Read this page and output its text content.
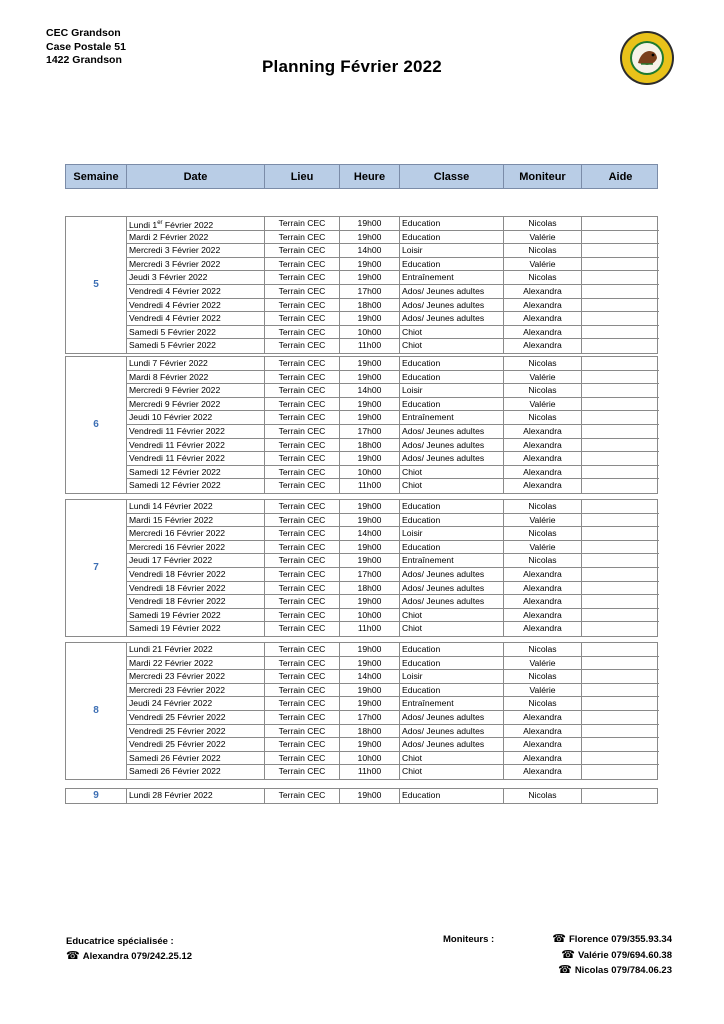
CEC Grandson
Case Postale 51
1422 Grandson	Planning Février 2022
Semaine	Date	Lieu	Heure	Classe	Moniteur	Aide
5
Lundi 1er Février 2022	Terrain CEC	19h00	Education	Nicolas
Mardi 2 Février 2022	Terrain CEC	19h00	Education	Valérie
Mercredi 3 Février 2022	Terrain CEC	14h00	Loisir	Nicolas
Mercredi 3 Février 2022	Terrain CEC	19h00	Education	Valérie
Jeudi 3 Février 2022	Terrain CEC	19h00	Entraînement	Nicolas
Vendredi 4 Février 2022	Terrain CEC	17h00	Ados/ Jeunes adultes	Alexandra
Vendredi 4 Février 2022	Terrain CEC	18h00	Ados/ Jeunes adultes	Alexandra
Vendredi 4 Février 2022	Terrain CEC	19h00	Ados/ Jeunes adultes	Alexandra
Samedi 5 Février 2022	Terrain CEC	10h00	Chiot	Alexandra
Samedi 5 Février 2022	Terrain CEC	11h00	Chiot	Alexandra
6
Lundi 7 Février 2022	Terrain CEC	19h00	Education	Nicolas
Mardi 8 Février 2022	Terrain CEC	19h00	Education	Valérie
Mercredi 9 Février 2022	Terrain CEC	14h00	Loisir	Nicolas
Mercredi 9 Février 2022	Terrain CEC	19h00	Education	Valérie
Jeudi 10 Février 2022	Terrain CEC	19h00	Entraînement	Nicolas
Vendredi 11 Février 2022	Terrain CEC	17h00	Ados/ Jeunes adultes	Alexandra
Vendredi 11 Février 2022	Terrain CEC	18h00	Ados/ Jeunes adultes	Alexandra
Vendredi 11 Février 2022	Terrain CEC	19h00	Ados/ Jeunes adultes	Alexandra
Samedi 12 Février 2022	Terrain CEC	10h00	Chiot	Alexandra
Samedi 12 Février 2022	Terrain CEC	11h00	Chiot	Alexandra
7
Lundi 14 Février 2022	Terrain CEC	19h00	Education	Nicolas
Mardi 15 Février 2022	Terrain CEC	19h00	Education	Valérie
Mercredi 16 Février 2022	Terrain CEC	14h00	Loisir	Nicolas
Mercredi 16 Février 2022	Terrain CEC	19h00	Education	Valérie
Jeudi 17 Février 2022	Terrain CEC	19h00	Entraînement	Nicolas
Vendredi 18 Février 2022	Terrain CEC	17h00	Ados/ Jeunes adultes	Alexandra
Vendredi 18 Février 2022	Terrain CEC	18h00	Ados/ Jeunes adultes	Alexandra
Vendredi 18 Février 2022	Terrain CEC	19h00	Ados/ Jeunes adultes	Alexandra
Samedi 19 Février 2022	Terrain CEC	10h00	Chiot	Alexandra
Samedi 19 Février 2022	Terrain CEC	11h00	Chiot	Alexandra
8
Lundi 21 Février 2022	Terrain CEC	19h00	Education	Nicolas
Mardi 22 Février 2022	Terrain CEC	19h00	Education	Valérie
Mercredi 23 Février 2022	Terrain CEC	14h00	Loisir	Nicolas
Mercredi 23 Février 2022	Terrain CEC	19h00	Education	Valérie
Jeudi 24 Février 2022	Terrain CEC	19h00	Entraînement	Nicolas
Vendredi 25 Février 2022	Terrain CEC	17h00	Ados/ Jeunes adultes	Alexandra
Vendredi 25 Février 2022	Terrain CEC	18h00	Ados/ Jeunes adultes	Alexandra
Vendredi 25 Février 2022	Terrain CEC	19h00	Ados/ Jeunes adultes	Alexandra
Samedi 26 Février 2022	Terrain CEC	10h00	Chiot	Alexandra
Samedi 26 Février 2022	Terrain CEC	11h00	Chiot	Alexandra
9	Lundi 28 Février 2022	Terrain CEC	19h00	Education	Nicolas
Educatrice spécialisée :
☎ Alexandra 079/242.25.12
Moniteurs :	☎ Florence 079/355.93.34
☎ Valérie 079/694.60.38
☎ Nicolas 079/784.06.23
